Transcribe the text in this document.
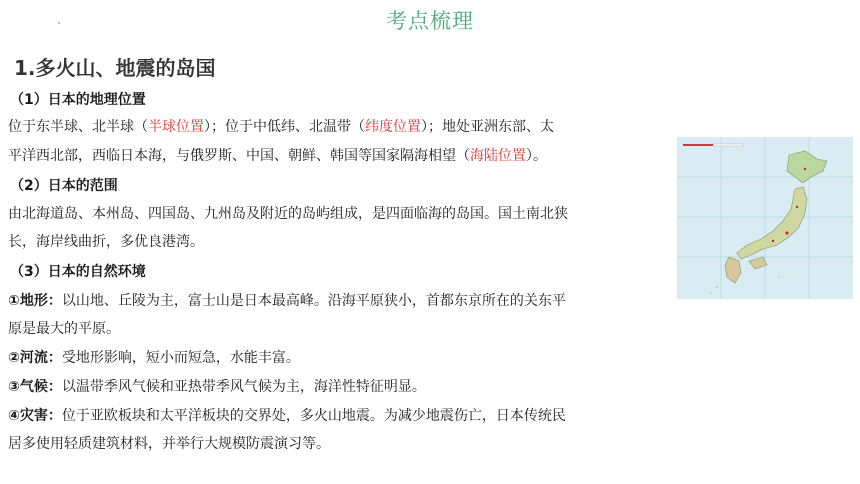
考点梳理
1.多火山、地震的岛国
（1）日本的地理位置
位于东半球、北半球（半球位置）；位于中低纬、北温带（纬度位置）；地处亚洲东部、太
平洋西北部，西临日本海，与俄罗斯、中国、朝鲜、韩国等国家隔海相望（海陆位置）。
（2）日本的范围
由北海道岛、本州岛、四国岛、九州岛及附近的岛屿组成，是四面临海的岛国。国土南北狭
长，海岸线曲折，多优良港湾。
（3）日本的自然环境
①地形：以山地、丘陵为主，富士山是日本最高峰。沿海平原狭小，首都东京所在的关东平
原是最大的平原。
②河流：受地形影响，短小而短急，水能丰富。
③气候：以温带季风气候和亚热带季风气候为主，海洋性特征明显。
④灾害：位于亚欧板块和太平洋板块的交界处，多火山地震。为减少地震伤亡，日本传统民
居多使用轻质建筑材料，并举行大规模防震演习等。
